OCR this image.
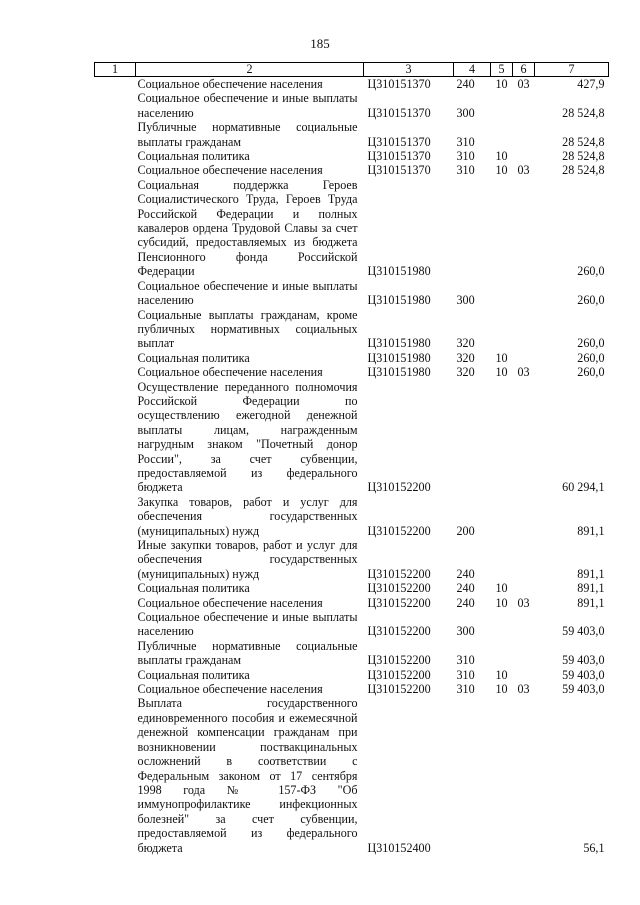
185
1	2	3	4	5	6	7
	Социальное обеспечение населения	Ц310151370	240	10	03	427,9
	Социальное обеспечение и иные выплаты населению	Ц310151370	300			28 524,8
	Публичные нормативные социальные выплаты гражданам	Ц310151370	310			28 524,8
	Социальная политика	Ц310151370	310	10		28 524,8
	Социальное обеспечение населения	Ц310151370	310	10	03	28 524,8
	Социальная поддержка Героев Социалистического Труда, Героев Труда Российской Федерации и полных кавалеров ордена Трудовой Славы за счет субсидий, предоставляемых из бюджета Пенсионного фонда Российской Федерации	Ц310151980				260,0
	Социальное обеспечение и иные выплаты населению	Ц310151980	300			260,0
	Социальные выплаты гражданам, кроме публичных нормативных социальных выплат	Ц310151980	320			260,0
	Социальная политика	Ц310151980	320	10		260,0
	Социальное обеспечение населения	Ц310151980	320	10	03	260,0
	Осуществление переданного полномочия Российской Федерации по осуществлению ежегодной денежной выплаты лицам, награжденным нагрудным знаком "Почетный донор России", за счет субвенции, предоставляемой из федерального бюджета	Ц310152200				60 294,1
	Закупка товаров, работ и услуг для обеспечения государственных (муниципальных) нужд	Ц310152200	200			891,1
	Иные закупки товаров, работ и услуг для обеспечения государственных (муниципальных) нужд	Ц310152200	240			891,1
	Социальная политика	Ц310152200	240	10		891,1
	Социальное обеспечение населения	Ц310152200	240	10	03	891,1
	Социальное обеспечение и иные выплаты населению	Ц310152200	300			59 403,0
	Публичные нормативные социальные выплаты гражданам	Ц310152200	310			59 403,0
	Социальная политика	Ц310152200	310	10		59 403,0
	Социальное обеспечение населения	Ц310152200	310	10	03	59 403,0
	Выплата государственного единовременного пособия и ежемесячной денежной компенсации гражданам при возникновении поствакцинальных осложнений в соответствии с Федеральным законом от 17 сентября 1998 года № 157-ФЗ "Об иммунопрофилактике инфекционных болезней" за счет субвенции, предоставляемой из федерального бюджета	Ц310152400				56,1
